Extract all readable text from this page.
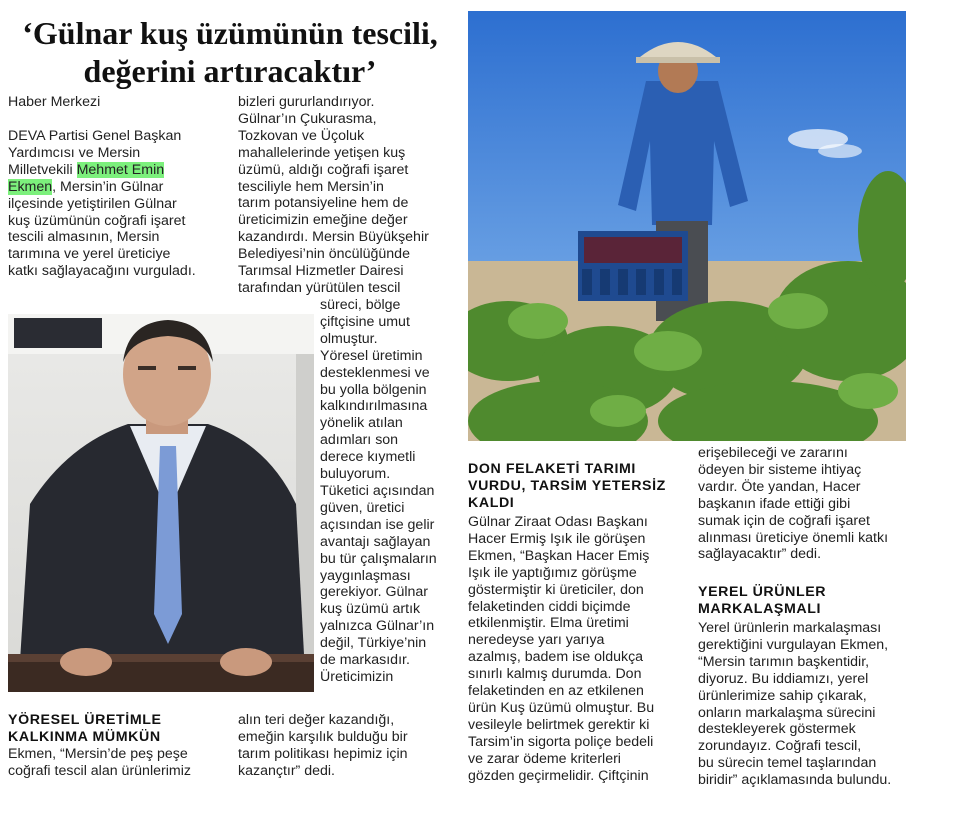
‘Gülnar kuş üzümünün tescili,
değerini artıracaktır’
Haber Merkezi

DEVA Partisi Genel Başkan
Yardımcısı ve Mersin
Milletvekili Mehmet Emin
Ekmen, Mersin’in Gülnar
ilçesinde yetiştirilen Gülnar
kuş üzümünün coğrafi işaret
tescili almasının, Mersin
tarımına ve yerel üreticiye
katkı sağlayacağını vurguladı.

YÖRESEL ÜRETİMLE
KALKINMA MÜMKÜN

Ekmen, “Mersin’de peş peşe
coğrafi tescil alan ürünlerimiz

bizleri gururlandırıyor.
Gülnar’ın Çukurasma,
Tozkovan ve Üçoluk
mahallelerinde yetişen kuş
üzümü, aldığı coğrafi işaret
tesciliyle hem Mersin’in
tarım potansiyeline hem de
üreticimizin emeğine değer
kazandırdı. Mersin Büyükşehir
Belediyesi’nin öncülüğünde
Tarımsal Hizmetler Dairesi
tarafından yürütülen tescil

süreci, bölge
çiftçisine umut
olmuştur.
Yöresel üretimin
desteklenmesi ve
bu yolla bölgenin
kalkındırılmasına
yönelik atılan
adımları son
derece kıymetli
buluyorum.
Tüketici açısından
güven, üretici
açısından ise gelir
avantajı sağlayan
bu tür çalışmaların
yaygınlaşması
gerekiyor. Gülnar
kuş üzümü artık
yalnızca Gülnar’ın
değil, Türkiye’nin
de markasıdır.
Üreticimizin

alın teri değer kazandığı,
emeğin karşılık bulduğu bir
tarım politikası hepimiz için
kazançtır” dedi.

DON FELAKETİ TARIMI
VURDU, TARSİM YETERSİZ
KALDI

Gülnar Ziraat Odası Başkanı
Hacer Ermiş Işık ile görüşen
Ekmen, “Başkan Hacer Emiş
Işık ile yaptığımız görüşme
göstermiştir ki üreticiler, don
felaketinden ciddi biçimde
etkilenmiştir. Elma üretimi
neredeyse yarı yarıya
azalmış, badem ise oldukça
sınırlı kalmış durumda. Don
felaketinden en az etkilenen
ürün Kuş üzümü olmuştur. Bu
vesileyle belirtmek gerektir ki
Tarsim’in sigorta poliçe bedeli
ve zarar ödeme kriterleri
gözden geçirmelidir. Çiftçinin

erişebileceği ve zararını
ödeyen bir sisteme ihtiyaç
vardır. Öte yandan, Hacer
başkanın ifade ettiği gibi
sumak için de coğrafi işaret
alınması üreticiye önemli katkı
sağlayacaktır” dedi.

YEREL ÜRÜNLER
MARKALAŞMALI

Yerel ürünlerin markalaşması
gerektiğini vurgulayan Ekmen,
“Mersin tarımın başkentidir,
diyoruz. Bu iddiamızı, yerel
ürünlerimize sahip çıkarak,
onların markalaşma sürecini
destekleyerek göstermek
zorundayız. Coğrafi tescil,
bu sürecin temel taşlarından
biridir” açıklamasında bulundu.
